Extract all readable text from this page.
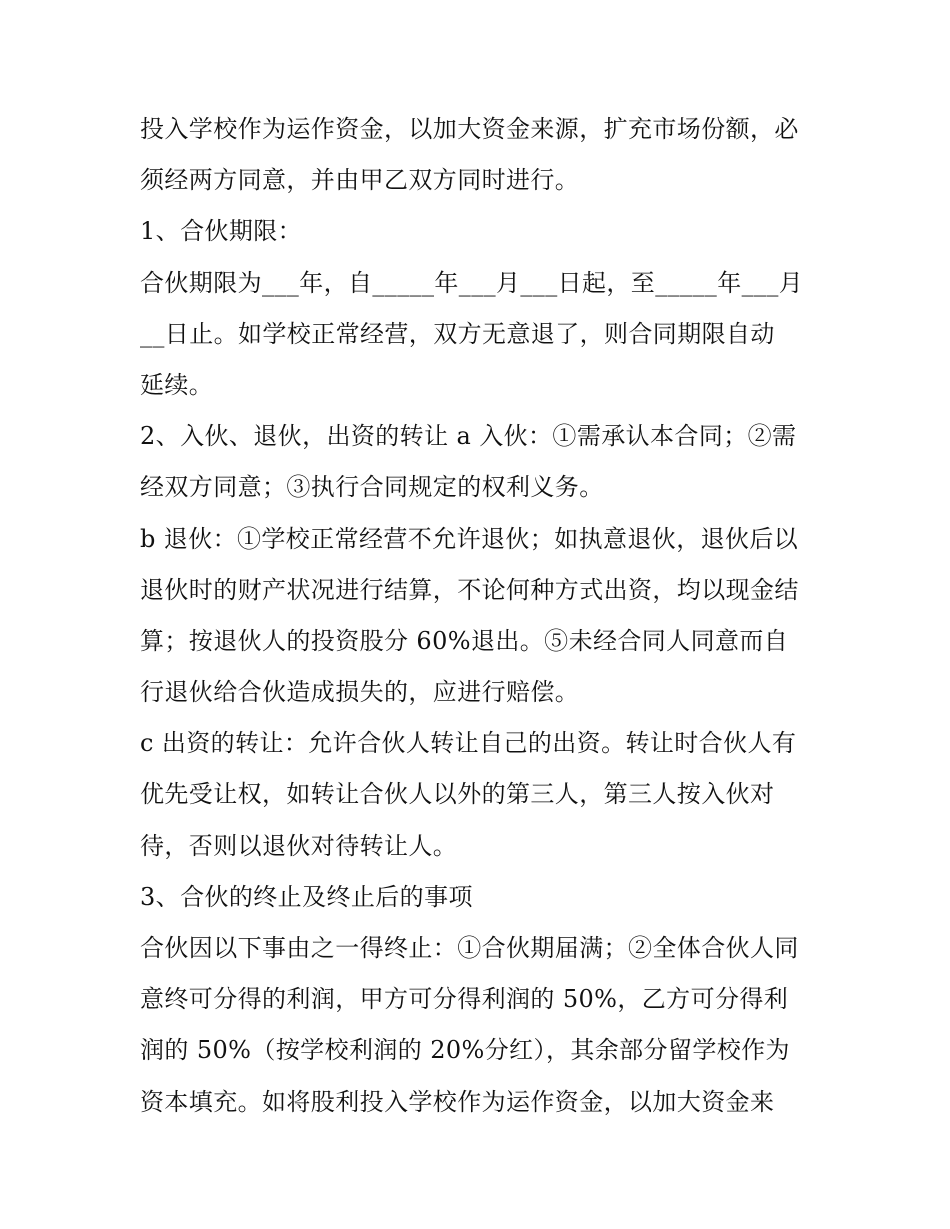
投入学校作为运作资金，以加大资金来源，扩充市场份额，必
须经两方同意，并由甲乙双方同时进行。
1、合伙期限：
合伙期限为___年，自_____年___月___日起，至_____年___月
__日止。如学校正常经营，双方无意退了，则合同期限自动
延续。
2、入伙、退伙，出资的转让 a 入伙：①需承认本合同；②需
经双方同意；③执行合同规定的权利义务。
b 退伙：①学校正常经营不允许退伙；如执意退伙，退伙后以
退伙时的财产状况进行结算，不论何种方式出资，均以现金结
算；按退伙人的投资股分 60%退出。⑤未经合同人同意而自
行退伙给合伙造成损失的，应进行赔偿。
c 出资的转让：允许合伙人转让自己的出资。转让时合伙人有
优先受让权，如转让合伙人以外的第三人，第三人按入伙对
待，否则以退伙对待转让人。
3、合伙的终止及终止后的事项
合伙因以下事由之一得终止：①合伙期届满；②全体合伙人同
意终可分得的利润，甲方可分得利润的 50%，乙方可分得利
润的 50%（按学校利润的 20%分红），其余部分留学校作为
资本填充。如将股利投入学校作为运作资金，以加大资金来
